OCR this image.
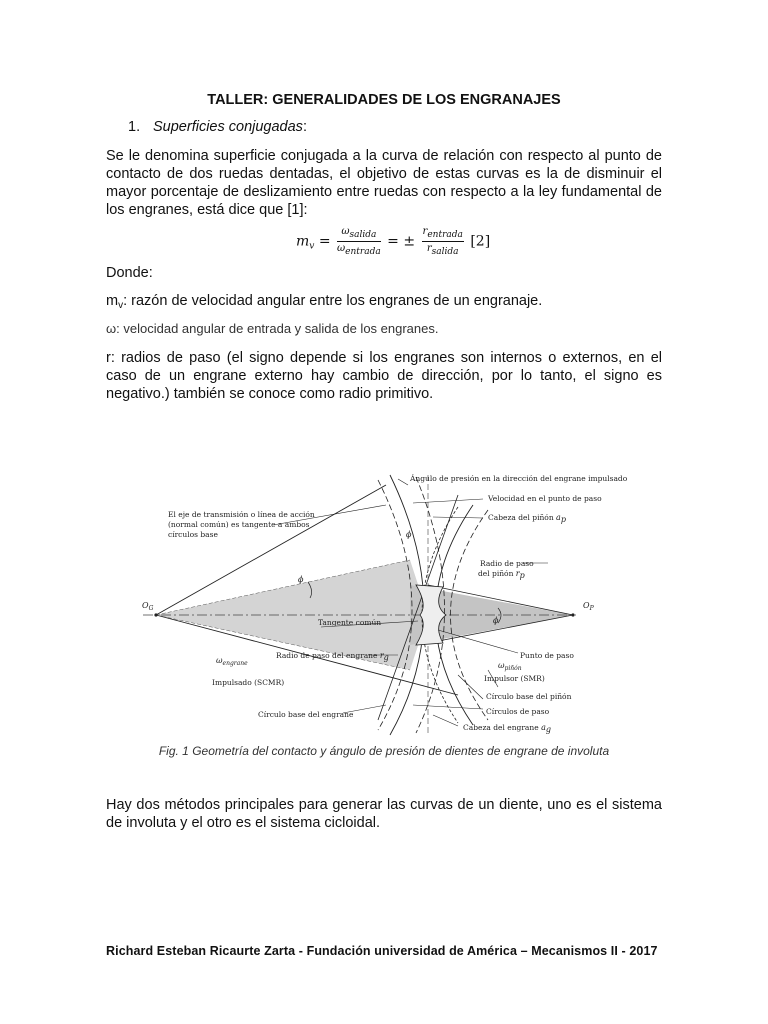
TALLER: GENERALIDADES DE LOS ENGRANAJES
1. Superficies conjugadas:
Se le denomina superficie conjugada a la curva de relación con respecto al punto de contacto de dos ruedas dentadas, el objetivo de estas curvas es la de disminuir el mayor porcentaje de deslizamiento entre ruedas con respecto a la ley fundamental de los engranes, está dice que [1]:
$m_v$ =
ωsalida
ωentrada
= ±
rentrada
rsalida
[2]
Donde:
$m_v$: razón de velocidad angular entre los engranes de un engranaje.
ω: velocidad angular de entrada y salida de los engranes.
r: radios de paso (el signo depende si los engranes son internos o externos, en el caso de un engrane externo hay cambio de dirección, por lo tanto, el signo es negativo.) también se conoce como radio primitivo.
El eje de transmisión o línea de acción
(normal común) es tangente a ambos
círculos base
Ángulo de presión en la dirección del engrane impulsado
Velocidad en el punto de paso
Cabeza del piñón ap
Radio de paso
del piñón rp
$O_G$	$O_P$
ϕ
ϕ
ϕ
Tangente común
Radio de paso del engrane rg	Punto de paso
$\omega_{engrane}$
Impulsado (SCMR)
$\omega_{piñón}$
Impulsor (SMR)
Círculo base del piñón
Círculos de paso
Círculo base del engrane
Cabeza del engrane ag
Fig. 1 Geometría del contacto y ángulo de presión de dientes de engrane de involuta
Hay dos métodos principales para generar las curvas de un diente, uno es el sistema de involuta y el otro es el sistema cicloidal.
Richard Esteban Ricaurte Zarta - Fundación universidad de América – Mecanismos II - 2017
